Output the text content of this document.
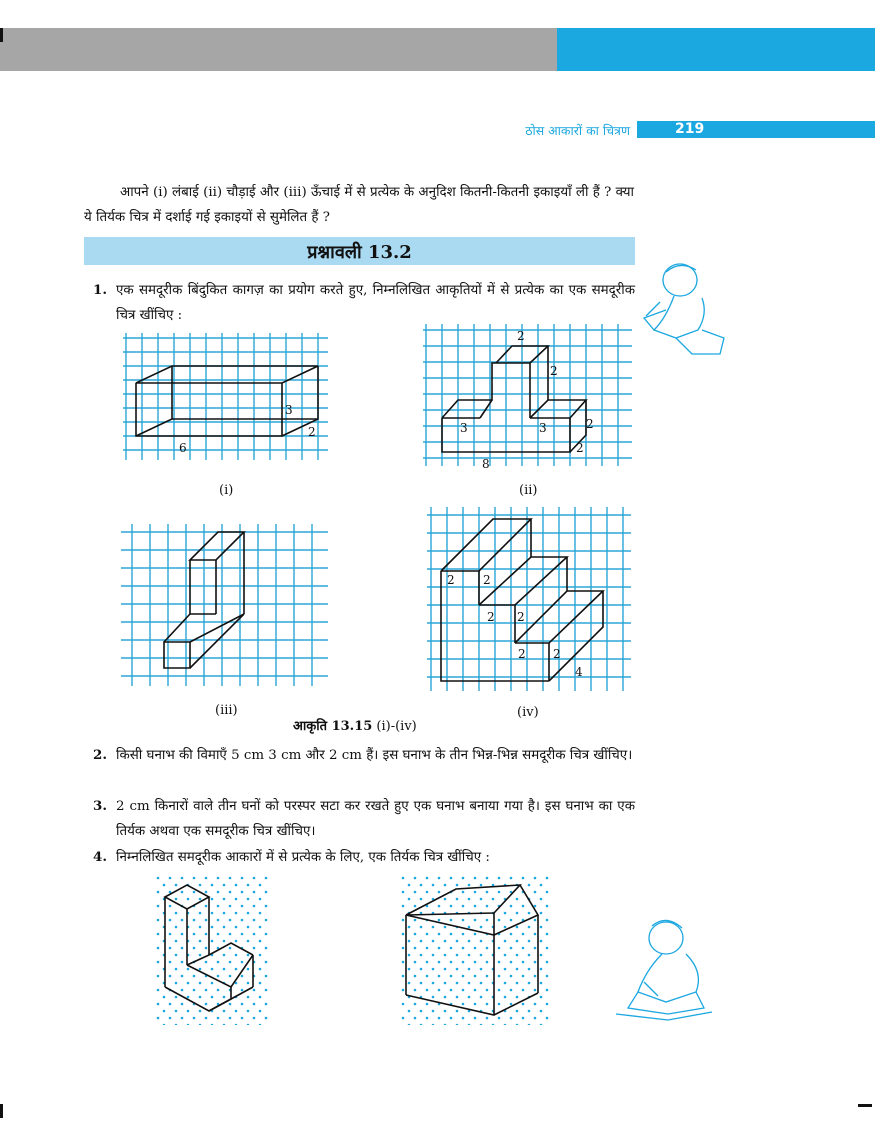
ठोस आकारों का चित्रण	219
आपने (i) लंबाई (ii) चौड़ाई और (iii) ऊँचाई में से प्रत्येक के अनुदिश कितनी-कितनी इकाइयाँ ली हैं ? क्या ये तिर्यक चित्र में दर्शाई गई इकाइयों से सुमेलित हैं ?
प्रश्नावली 13.2
1. एक समदूरीक बिंदुकित कागज़ का प्रयोग करते हुए, निम्नलिखित आकृतियों में से प्रत्येक का एक समदूरीक चित्र खींचिए :
3
2
6
(i)
2
2
3	3	2
2
8
(ii)
(iii)
2 2
2 2
2 2
4
(iv)
आकृति 13.15 (i)-(iv)
2. किसी घनाभ की विमाएँ 5 cm 3 cm और 2 cm हैं। इस घनाभ के तीन भिन्न-भिन्न समदूरीक चित्र खींचिए।
3. 2 cm किनारों वाले तीन घनों को परस्पर सटा कर रखते हुए एक घनाभ बनाया गया है। इस घनाभ का एक तिर्यक अथवा एक समदूरीक चित्र खींचिए।
4. निम्नलिखित समदूरीक आकारों में से प्रत्येक के लिए, एक तिर्यक चित्र खींचिए :
